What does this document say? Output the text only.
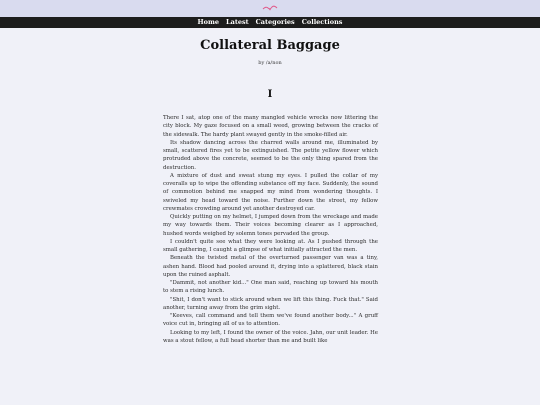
Home Latest Categories Collections
Collateral Baggage
by /a/non
I

There I sat, atop one of the many mangled vehicle wrecks now littering the city block. My gaze focused on a small weed, growing between the cracks of the sidewalk. The hardy plant swayed gently in the smoke-filled air.

Its shadow dancing across the charred walls around me, illuminated by small, scattered fires yet to be extinguished. The petite yellow flower which protruded above the concrete, seemed to be the only thing spared from the destruction.

A mixture of dust and sweat stung my eyes. I pulled the collar of my coveralls up to wipe the offending substance off my face. Suddenly, the sound of commotion behind me snapped my mind from wondering thoughts. I swiveled my head toward the noise. Further down the street, my fellow crewmates crowding around yet another destroyed car.

Quickly putting on my helmet, I jumped down from the wreckage and made my way towards them. Their voices becoming clearer as I approached, hushed words weighed by solemn tones pervaded the group.

I couldn't quite see what they were looking at. As I pushed through the small gathering, I caught a glimpse of what initially attracted the men.

Beneath the twisted metal of the overturned passenger van was a tiny, ashen hand. Blood had pooled around it, drying into a splattered, black stain upon the ruined asphalt.

"Dammit, not another kid..." One man said, reaching up toward his mouth to stem a rising lunch.

"Shit, I don't want to stick around when we lift this thing. Fuck that." Said another, turning away from the grim sight.

"Keeves, call command and tell them we've found another body..." A gruff voice cut in, bringing all of us to attention.

Looking to my left, I found the owner of the voice. Jahn, our unit leader. He was a stout fellow, a full head shorter than me and built like
